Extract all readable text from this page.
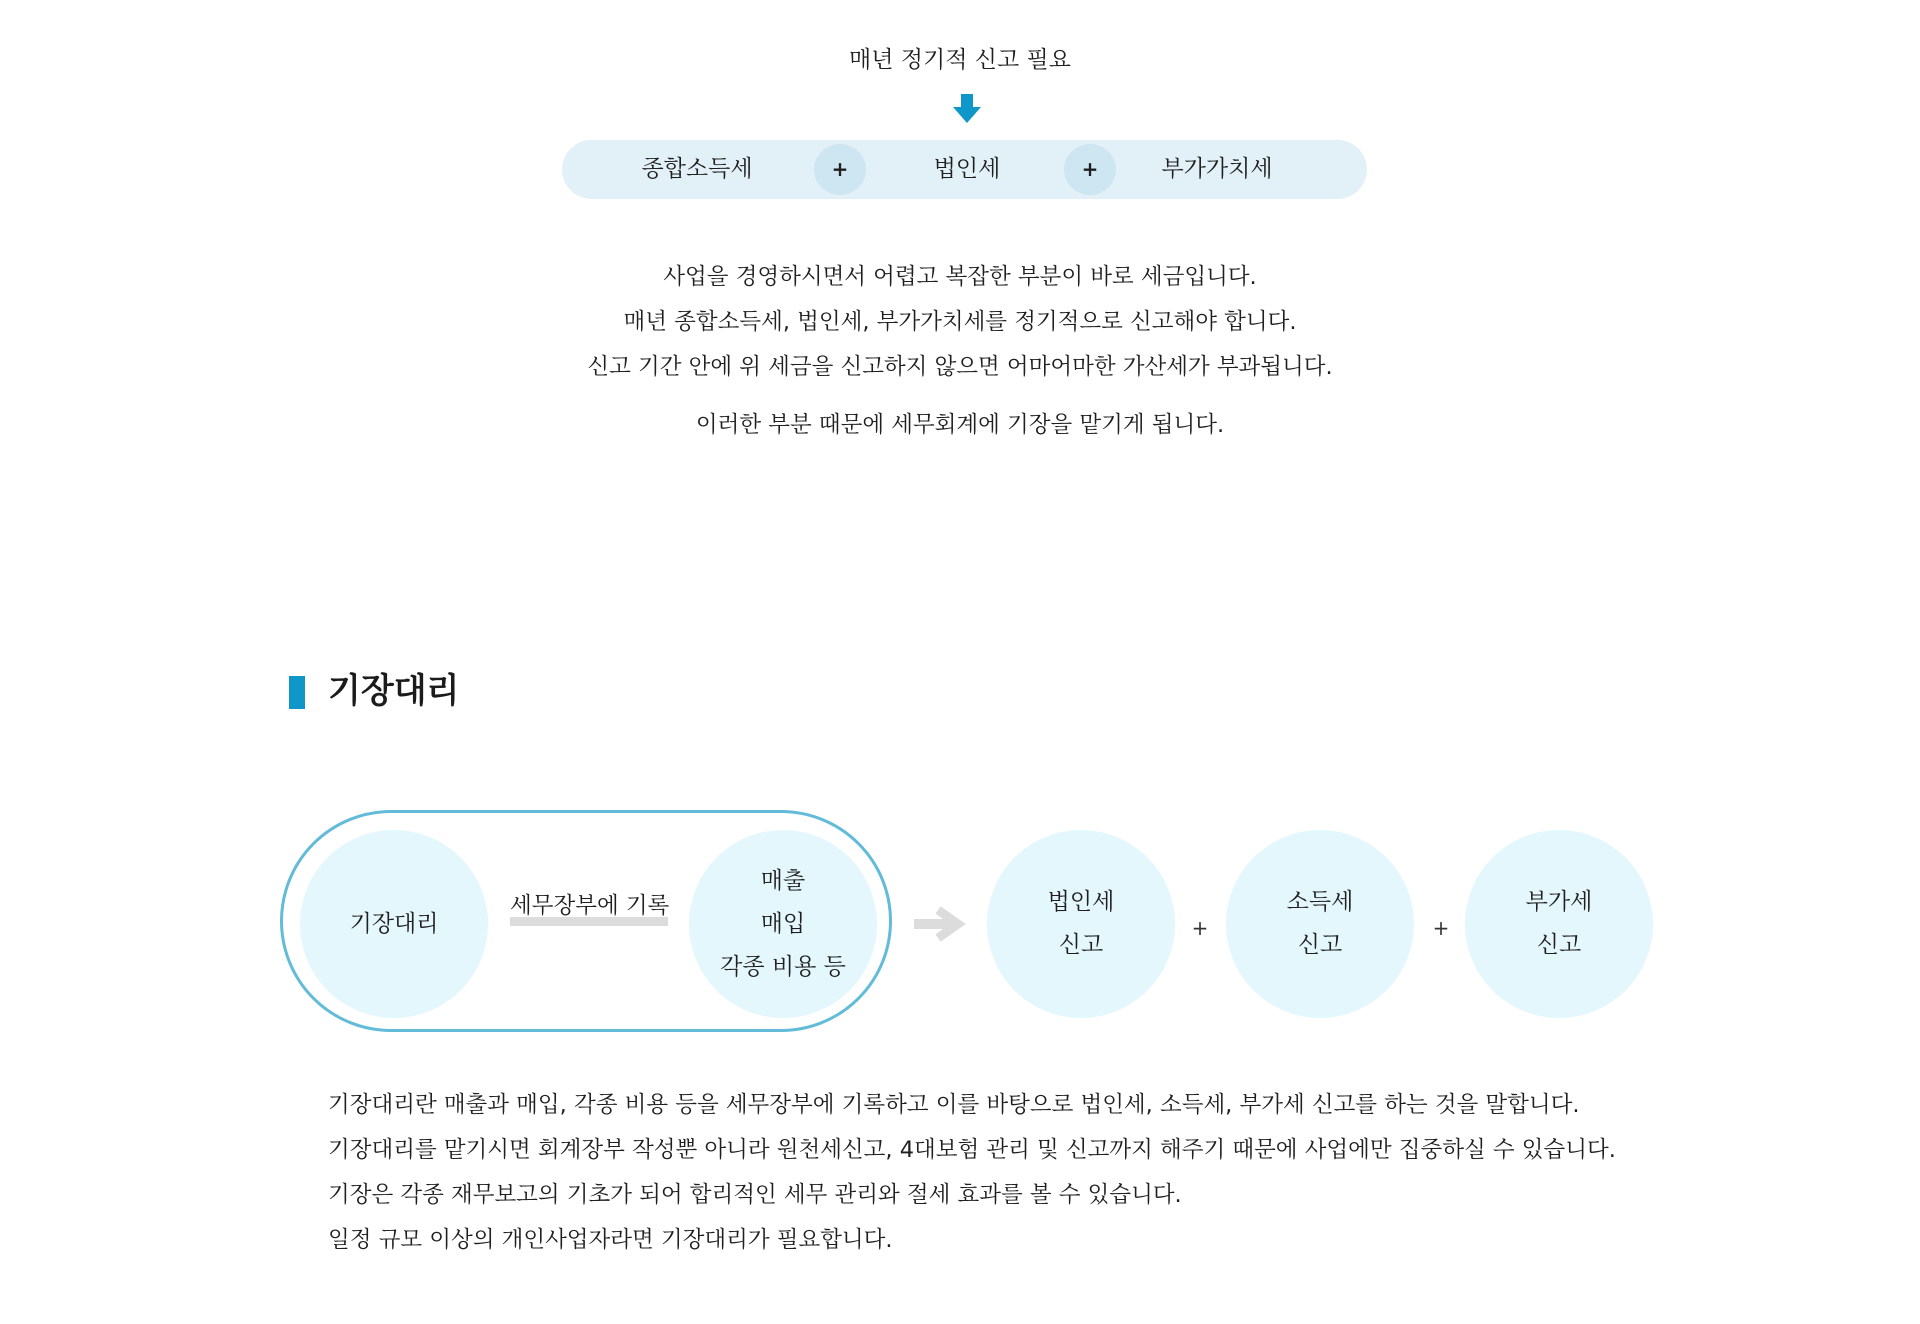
매년 정기적 신고 필요
종합소득세	+	법인세	+	부가가치세

사업을 경영하시면서 어렵고 복잡한 부분이 바로 세금입니다.

매년 종합소득세, 법인세, 부가가치세를 정기적으로 신고해야 합니다.

신고 기간 안에 위 세금을 신고하지 않으면 어마어마한 가산세가 부과됩니다.

이러한 부분 때문에 세무회계에 기장을 맡기게 됩니다.

기장대리
기장대리
세무장부에 기록
매출
매입
각종 비용 등
법인세
신고
+
소득세
신고
+
부가세
신고

기장대리란 매출과 매입, 각종 비용 등을 세무장부에 기록하고 이를 바탕으로 법인세, 소득세, 부가세 신고를 하는 것을 말합니다.

기장대리를 맡기시면 회계장부 작성뿐 아니라 원천세신고, 4대보험 관리 및 신고까지 해주기 때문에 사업에만 집중하실 수 있습니다.

기장은 각종 재무보고의 기초가 되어 합리적인 세무 관리와 절세 효과를 볼 수 있습니다.

일정 규모 이상의 개인사업자라면 기장대리가 필요합니다.
